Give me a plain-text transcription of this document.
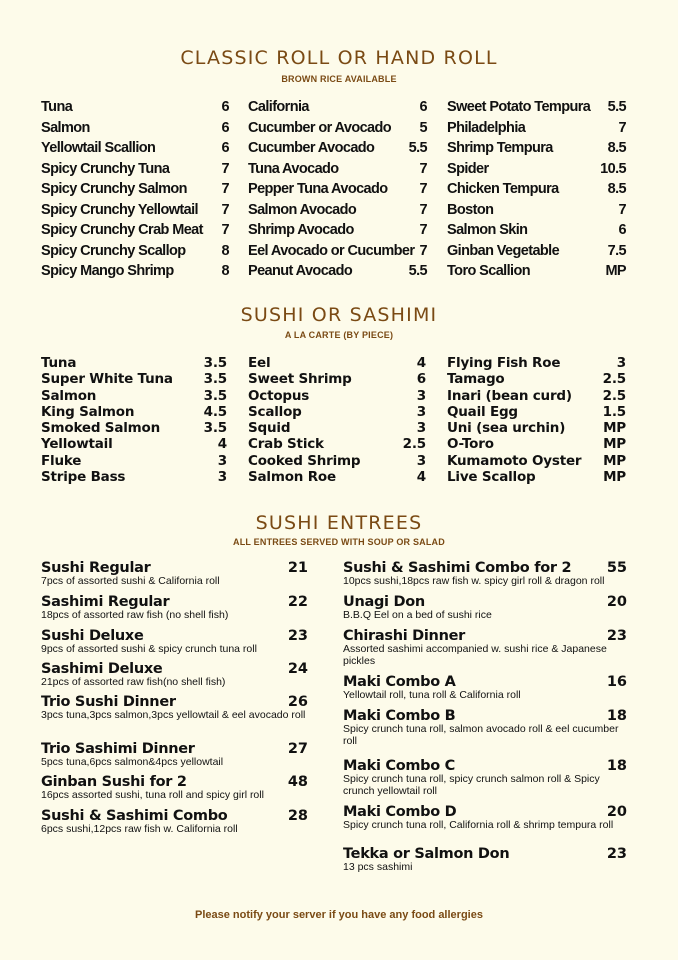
CLASSIC ROLL OR HAND ROLL
BROWN RICE AVAILABLE
Tuna	6
Salmon	6
Yellowtail Scallion	6
Spicy Crunchy Tuna	7
Spicy Crunchy Salmon 7
Spicy Crunchy Yellowtail 7
Spicy Crunchy Crab Meat 7
Spicy Crunchy Scallop 8
Spicy Mango Shrimp	8
California	6
Cucumber or Avocado 5
Cucumber Avocado 5.5
Tuna Avocado	7
Pepper Tuna Avocado 7
Salmon Avocado	7
Shrimp Avocado	7
Eel Avocado or Cucumber 7
Peanut Avocado	5.5
Sweet Potato Tempura 5.5
Philadelphia	7
Shrimp Tempura	8.5
Spider	10.5
Chicken Tempura	8.5
Boston	7
Salmon Skin	6
Ginban Vegetable	7.5
Toro Scallion	MP
SUSHI OR SASHIMI
A LA CARTE (BY PIECE)
Tuna	3.5
Super White Tuna 3.5
Salmon	3.5
King Salmon	4.5
Smoked Salmon	3.5
Yellowtail	4
Fluke	3
Stripe Bass	3
Eel	4
Sweet Shrimp	6
Octopus	3
Scallop	3
Squid	3
Crab Stick	2.5
Cooked Shrimp	3
Salmon Roe	4
Flying Fish Roe	3
Tamago	2.5
Inari (bean curd) 2.5
Quail Egg	1.5
Uni (sea urchin)	MP
O-Toro	MP
Kumamoto Oyster MP
Live Scallop	MP
SUSHI ENTREES
ALL ENTREES SERVED WITH SOUP OR SALAD
Sushi Regular	21
7pcs of assorted sushi & California roll
Sashimi Regular	22
18pcs of assorted raw fish (no shell fish)
Sushi Deluxe	23
9pcs of assorted sushi & spicy crunch tuna roll
Sashimi Deluxe	24
21pcs of assorted raw fish(no shell fish)
Trio Sushi Dinner	26
3pcs tuna,3pcs salmon,3pcs yellowtail & eel avocado roll
Trio Sashimi Dinner	27
5pcs tuna,6pcs salmon&4pcs yellowtail
Ginban Sushi for 2	48
16pcs assorted sushi, tuna roll and spicy girl roll
Sushi & Sashimi Combo	28
6pcs sushi,12pcs raw fish w. California roll
Sushi & Sashimi Combo for 2	55
10pcs sushi,18pcs raw fish w. spicy girl roll & dragon roll
Unagi Don	20
B.B.Q Eel on a bed of sushi rice
Chirashi Dinner	23
Assorted sashimi accompanied w. sushi rice & Japanese pickles
Maki Combo A	16
Yellowtail roll, tuna roll & California roll
Maki Combo B	18
Spicy crunch tuna roll, salmon avocado roll & eel cucumber roll
Maki Combo C	18
Spicy crunch tuna roll, spicy crunch salmon roll & Spicy crunch yellowtail roll
Maki Combo D	20
Spicy crunch tuna roll, California roll & shrimp tempura roll
Tekka or Salmon Don	23
13 pcs sashimi
Please notify your server if you have any food allergies
